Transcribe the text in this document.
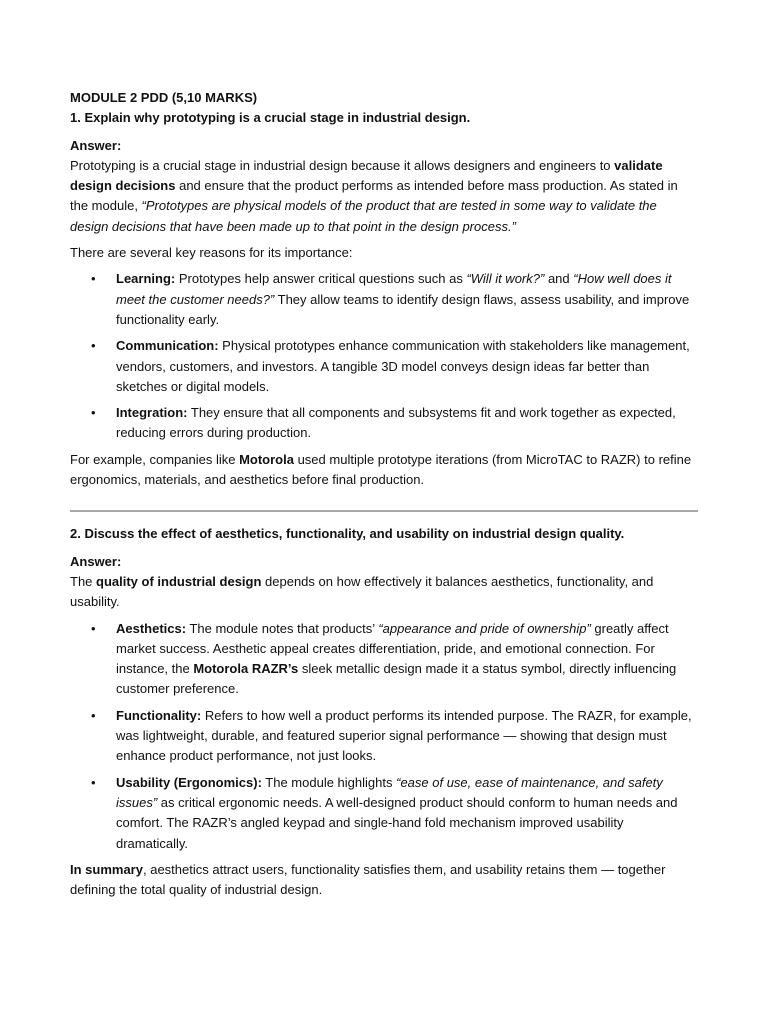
MODULE 2 PDD (5,10 MARKS)

1. Explain why prototyping is a crucial stage in industrial design.

Answer:

Prototyping is a crucial stage in industrial design because it allows designers and engineers to validate design decisions and ensure that the product performs as intended before mass production. As stated in the module, “Prototypes are physical models of the product that are tested in some way to validate the design decisions that have been made up to that point in the design process.”

There are several key reasons for its importance:

• Learning: Prototypes help answer critical questions such as “Will it work?” and “How well does it meet the customer needs?” They allow teams to identify design flaws, assess usability, and improve functionality early.
• Communication: Physical prototypes enhance communication with stakeholders like management, vendors, customers, and investors. A tangible 3D model conveys design ideas far better than sketches or digital models.
• Integration: They ensure that all components and subsystems fit and work together as expected, reducing errors during production.

For example, companies like Motorola used multiple prototype iterations (from MicroTAC to RAZR) to refine ergonomics, materials, and aesthetics before final production.

2. Discuss the effect of aesthetics, functionality, and usability on industrial design quality.

Answer:

The quality of industrial design depends on how effectively it balances aesthetics, functionality, and usability.

• Aesthetics: The module notes that products’ “appearance and pride of ownership” greatly affect market success. Aesthetic appeal creates differentiation, pride, and emotional connection. For instance, the Motorola RAZR’s sleek metallic design made it a status symbol, directly influencing customer preference.
• Functionality: Refers to how well a product performs its intended purpose. The RAZR, for example, was lightweight, durable, and featured superior signal performance — showing that design must enhance product performance, not just looks.
• Usability (Ergonomics): The module highlights “ease of use, ease of maintenance, and safety issues” as critical ergonomic needs. A well-designed product should conform to human needs and comfort. The RAZR’s angled keypad and single-hand fold mechanism improved usability dramatically.

In summary, aesthetics attract users, functionality satisfies them, and usability retains them — together defining the total quality of industrial design.
